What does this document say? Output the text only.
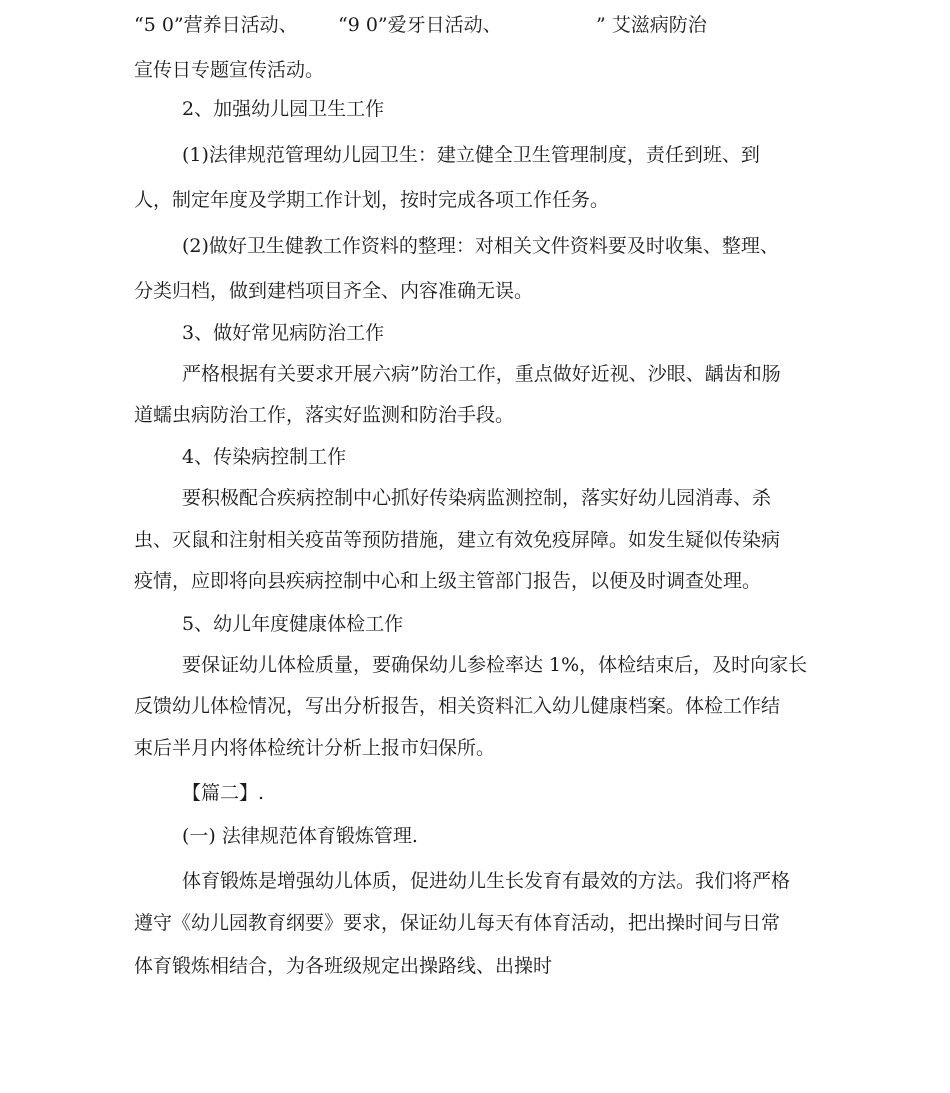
“5 0”营养日活动、 “9 0”爱牙日活动、	” 艾滋病防治
宣传日专题宣传活动。
2、加强幼儿园卫生工作
(1)法律规范管理幼儿园卫生：建立健全卫生管理制度，责任到班、到
人，制定年度及学期工作计划，按时完成各项工作任务。
(2)做好卫生健教工作资料的整理：对相关文件资料要及时收集、整理、
分类归档，做到建档项目齐全、内容准确无误。
3、做好常见病防治工作
严格根据有关要求开展六病”防治工作，重点做好近视、沙眼、龋齿和肠
道蠕虫病防治工作，落实好监测和防治手段。
4、传染病控制工作
要积极配合疾病控制中心抓好传染病监测控制，落实好幼儿园消毒、杀
虫、灭鼠和注射相关疫苗等预防措施，建立有效免疫屏障。如发生疑似传染病
疫情，应即将向县疾病控制中心和上级主管部门报告，以便及时调查处理。
5、幼儿年度健康体检工作
要保证幼儿体检质量，要确保幼儿参检率达 1%，体检结束后，及时向家长
反馈幼儿体检情况，写出分析报告，相关资料汇入幼儿健康档案。体检工作结
束后半月内将体检统计分析上报市妇保所。
【篇二】.
(一) 法律规范体育锻炼管理.
体育锻炼是增强幼儿体质，促进幼儿生长发育有最效的方法。我们将严格
遵守《幼儿园教育纲要》要求，保证幼儿每天有体育活动，把出操时间与日常
体育锻炼相结合，为各班级规定出操路线、出操时
